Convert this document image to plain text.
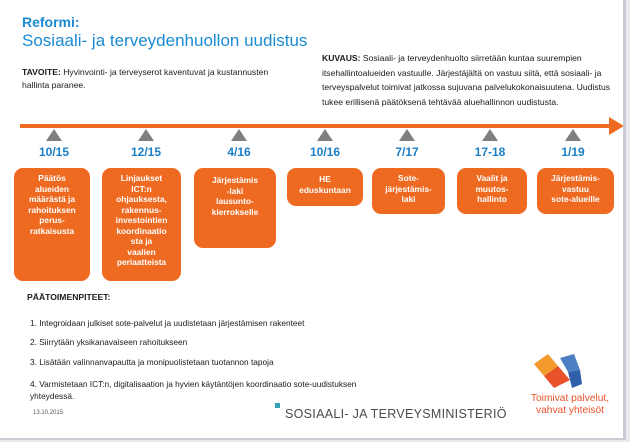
Reformi:
Sosiaali- ja terveydenhuollon uudistus
TAVOITE: Hyvinvointi- ja terveyserot kaventuvat ja kustannusten hallinta paranee.
KUVAUS: Sosiaali- ja terveydenhuolto siirretään kuntaa suurempien itsehallintoalueiden vastuulle. Järjestäjältä on vastuu siitä, että sosiaali- ja terveyspalvelut toimivat jatkossa sujuvana palvelukokonaisuutena. Uudistus tukee erillisenä päätöksenä tehtävää aluehallinnon uudistusta.
10/15
Päätös
alueiden
määrästä ja
rahoituksen
perus-
ratkaisusta
12/15
Linjaukset
ICT:n
ohjauksesta,
rakennus-
investointien
koordinaatio
sta ja
vaalien
periaatteista
4/16
Järjestämis
-laki
lausunto-
kierrokselle
10/16
HE
eduskuntaan
7/17
Sote-
järjestämis-
laki
17-18
Vaalit ja
muutos-
hallinto
1/19
Järjestämis-
vastuu
sote-alueille
PÄÄTOIMENPITEET:
1. Integroidaan julkiset sote-palvelut ja uudistetaan järjestämisen rakenteet
2. Siirrytään yksikanavaiseen rahoitukseen
3. Lisätään valinnanvapautta ja monipuolistetaan tuotannon tapoja
4. Varmistetaan ICT:n, digitalisaation ja hyvien käytäntöjen koordinaatio sote-uudistuksen yhteydessä.
13.10.2015	SOSIAALI- JA TERVEYSMINISTERIÖ
Toimivat palvelut,
vahvat yhteisöt
